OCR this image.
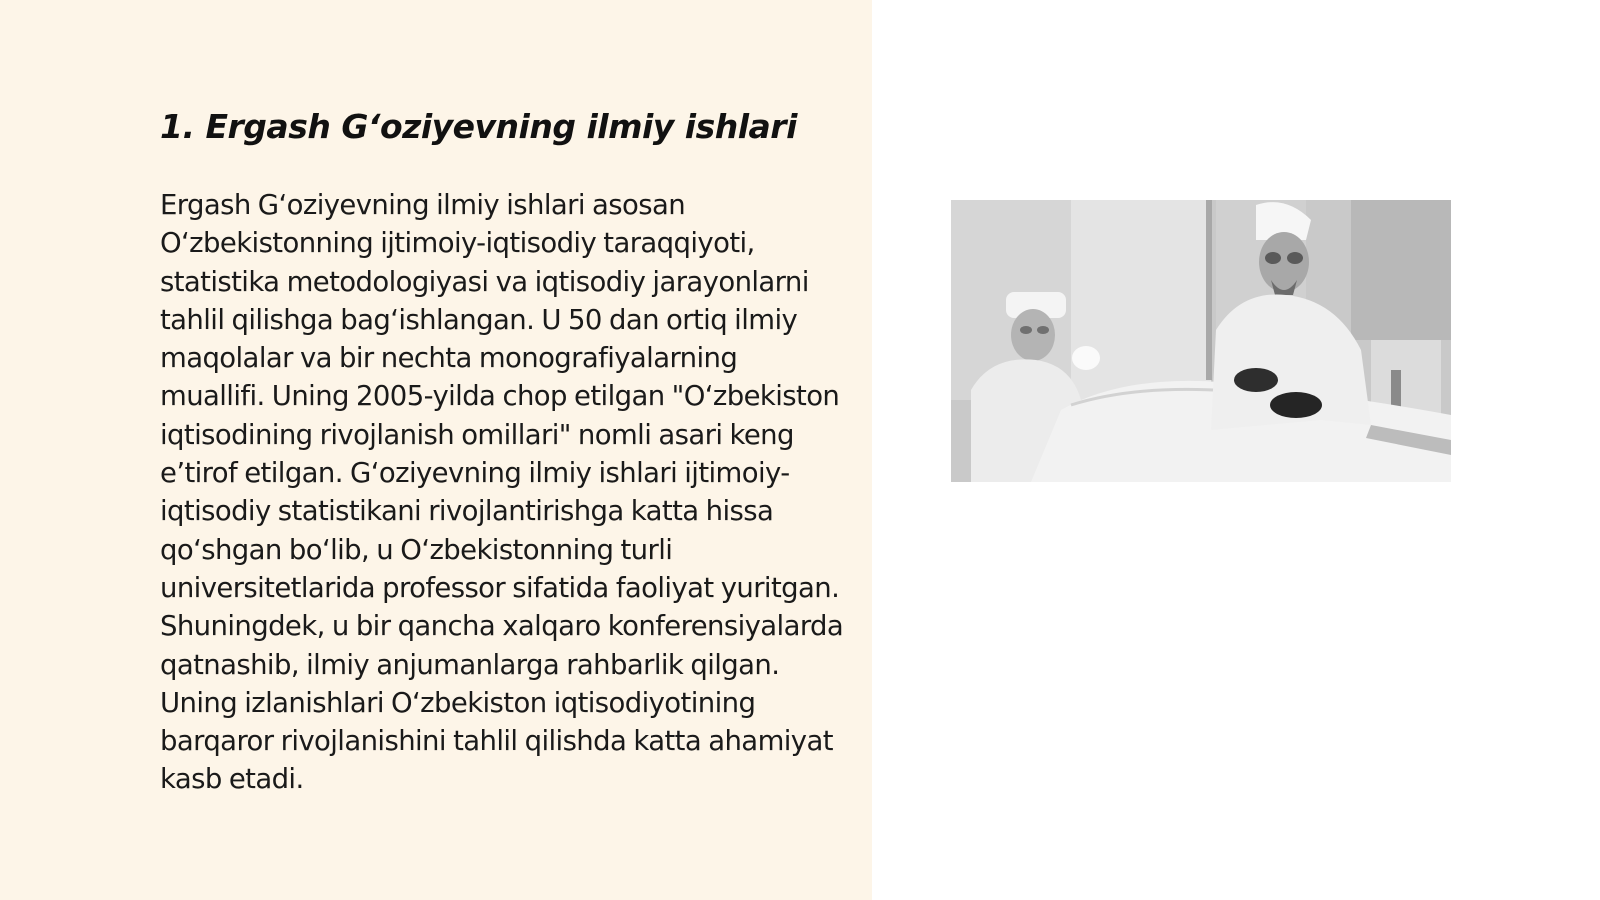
1. Ergash G‘oziyevning ilmiy ishlari

Ergash G‘oziyevning ilmiy ishlari asosan O‘zbekistonning ijtimoiy-iqtisodiy taraqqiyoti, statistika metodologiyasi va iqtisodiy jarayonlarni tahlil qilishga bag‘ishlangan. U 50 dan ortiq ilmiy maqolalar va bir nechta monografiyalarning muallifi. Uning 2005-yilda chop etilgan "O‘zbekiston iqtisodining rivojlanish omillari" nomli asari keng e’tirof etilgan. G‘oziyevning ilmiy ishlari ijtimoiy-iqtisodiy statistikani rivojlantirishga katta hissa qo‘shgan bo‘lib, u O‘zbekistonning turli universitetlarida professor sifatida faoliyat yuritgan. Shuningdek, u bir qancha xalqaro konferensiyalarda qatnashib, ilmiy anjumanlarga rahbarlik qilgan. Uning izlanishlari O‘zbekiston iqtisodiyotining barqaror rivojlanishini tahlil qilishda katta ahamiyat kasb etadi.
